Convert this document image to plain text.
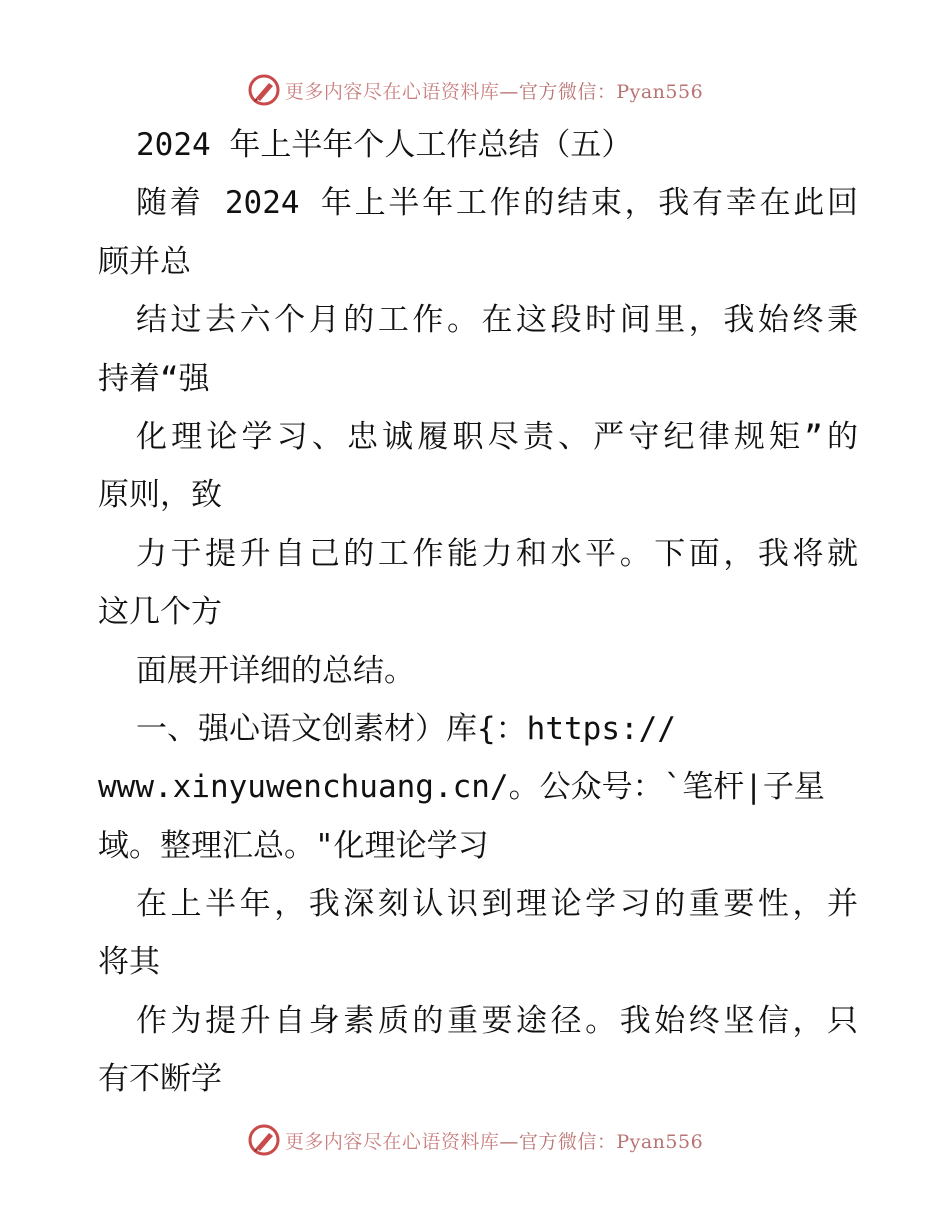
更多内容尽在心语资料库—官方微信：Pyan556
2024 年上半年个人工作总结（五）
随着 2024 年上半年工作的结束，我有幸在此回
顾并总
结过去六个月的工作。在这段时间里，我始终秉
持着“强
化理论学习、忠诚履职尽责、严守纪律规矩”的
原则，致
力于提升自己的工作能力和水平。下面，我将就
这几个方
面展开详细的总结。
一、强心语文创素材）库{：https://
www.xinyuwenchuang.cn/。公众号：`笔杆|子星
域。整理汇总。"化理论学习
在上半年，我深刻认识到理论学习的重要性，并
将其
作为提升自身素质的重要途径。我始终坚信，只
有不断学
更多内容尽在心语资料库—官方微信：Pyan556
